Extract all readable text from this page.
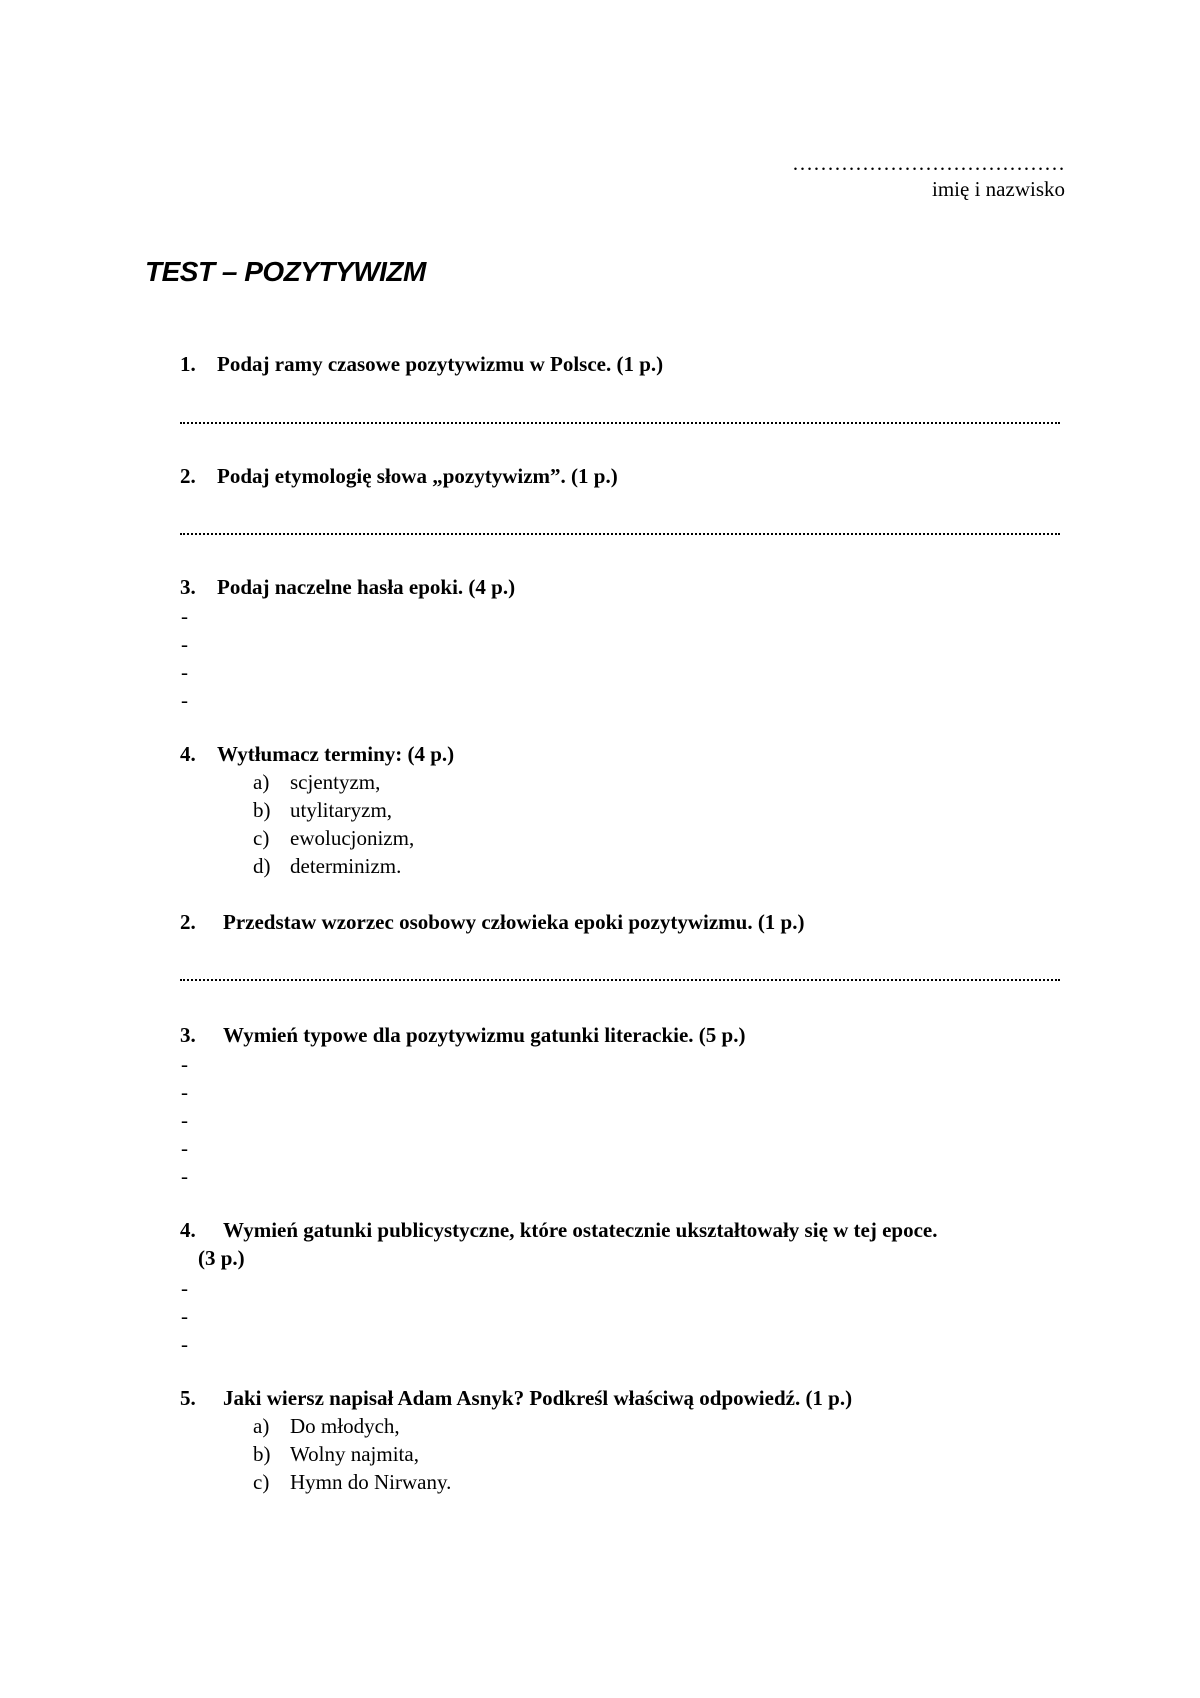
…………………………………
imię i nazwisko
TEST – POZYTYWIZM

1. Podaj ramy czasowe pozytywizmu w Polsce. (1 p.)

2. Podaj etymologię słowa „pozytywizm”. (1 p.)

3. Podaj naczelne hasła epoki. (4 p.)

-
-
-
-

4. Wytłumacz terminy: (4 p.)

a) scjentyzm,
b) utylitaryzm,
c) ewolucjonizm,
d) determinizm.

2. Przedstaw wzorzec osobowy człowieka epoki pozytywizmu. (1 p.)

3. Wymień typowe dla pozytywizmu gatunki literackie. (5 p.)

-
-
-
-
-

4. Wymień gatunki publicystyczne, które ostatecznie ukształtowały się w tej epoce.
(3 p.)

-
-
-

5. Jaki wiersz napisał Adam Asnyk? Podkreśl właściwą odpowiedź. (1 p.)

a) Do młodych,
b) Wolny najmita,
c) Hymn do Nirwany.
